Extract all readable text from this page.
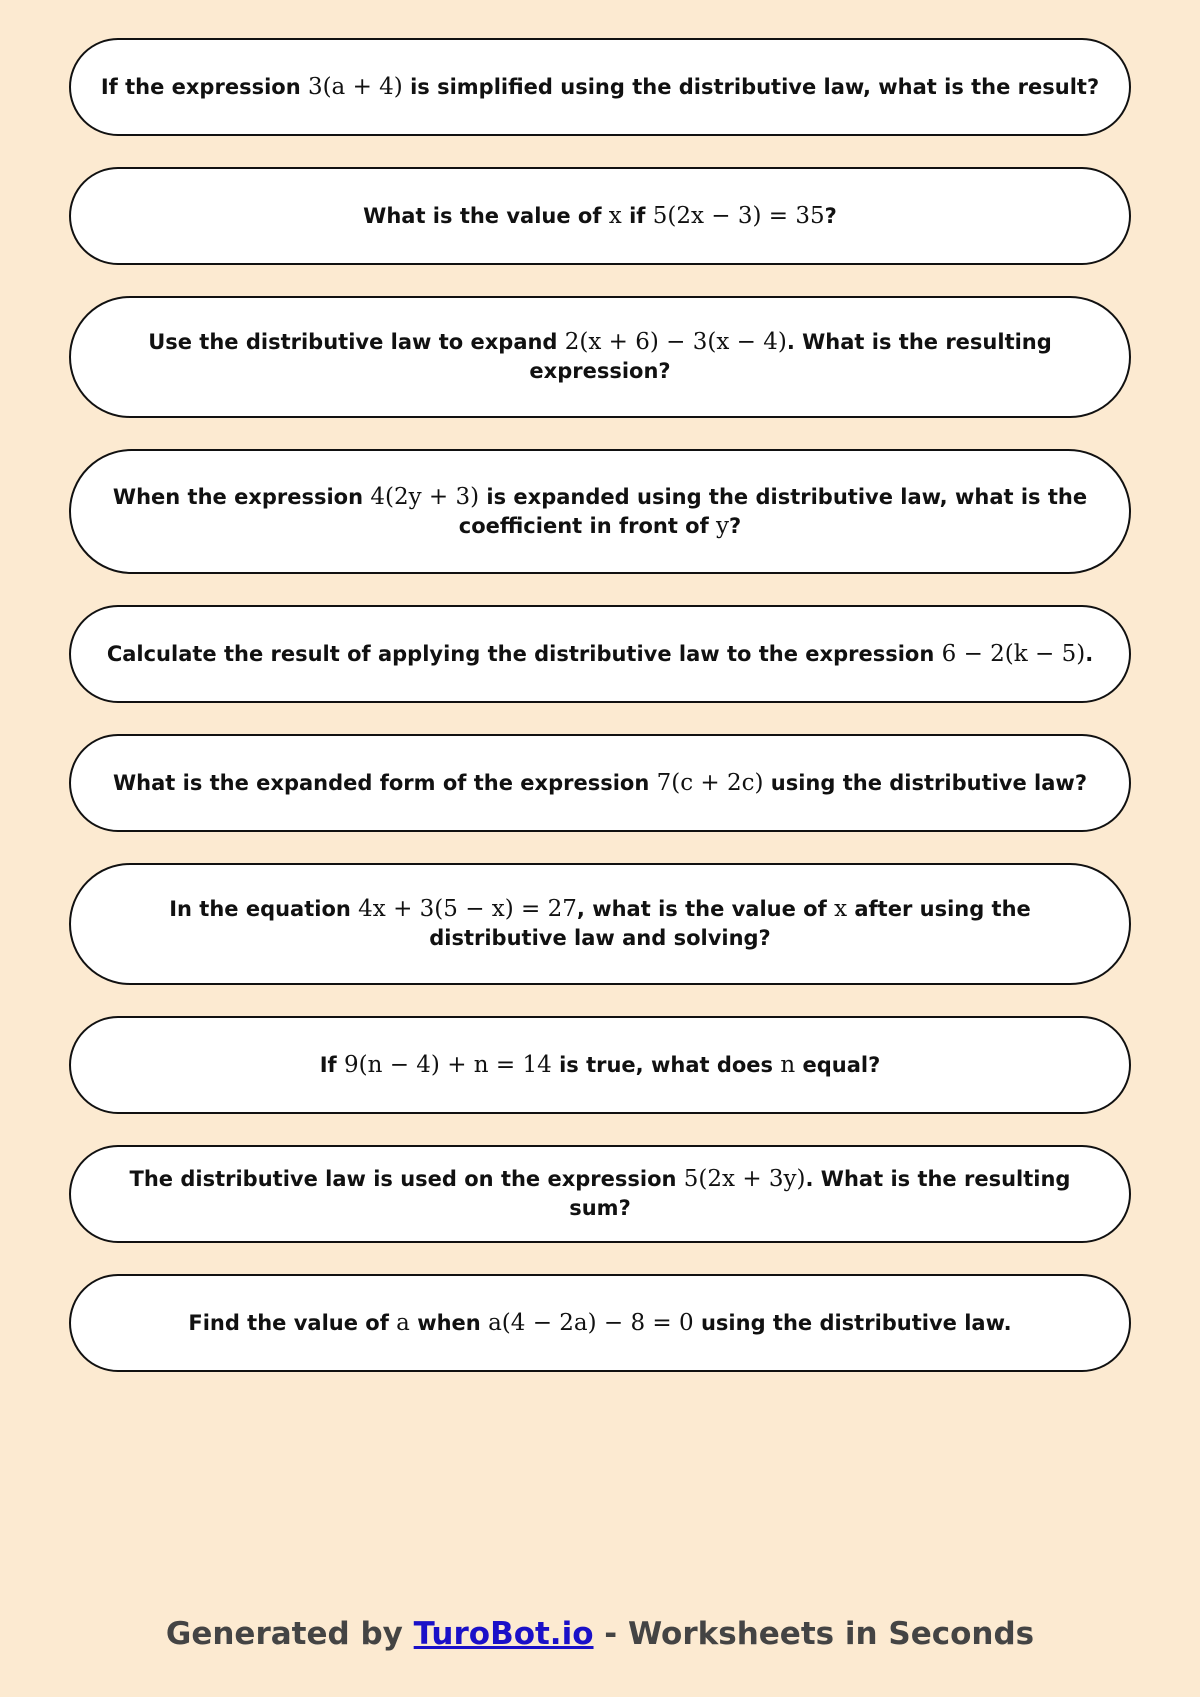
If the expression 3(a + 4) is simplified using the distributive law, what is the result?
What is the value of x if 5(2x − 3) = 35?
Use the distributive law to expand 2(x + 6) − 3(x − 4). What is the resulting expression?
When the expression 4(2y + 3) is expanded using the distributive law, what is the coefficient in front of y?
Calculate the result of applying the distributive law to the expression 6 − 2(k − 5).
What is the expanded form of the expression 7(c + 2c) using the distributive law?
In the equation 4x + 3(5 − x) = 27, what is the value of x after using the distributive law and solving?
If 9(n − 4) + n = 14 is true, what does n equal?
The distributive law is used on the expression 5(2x + 3y). What is the resulting sum?
Find the value of a when a(4 − 2a) − 8 = 0 using the distributive law.
Generated by TuroBot.io - Worksheets in Seconds
